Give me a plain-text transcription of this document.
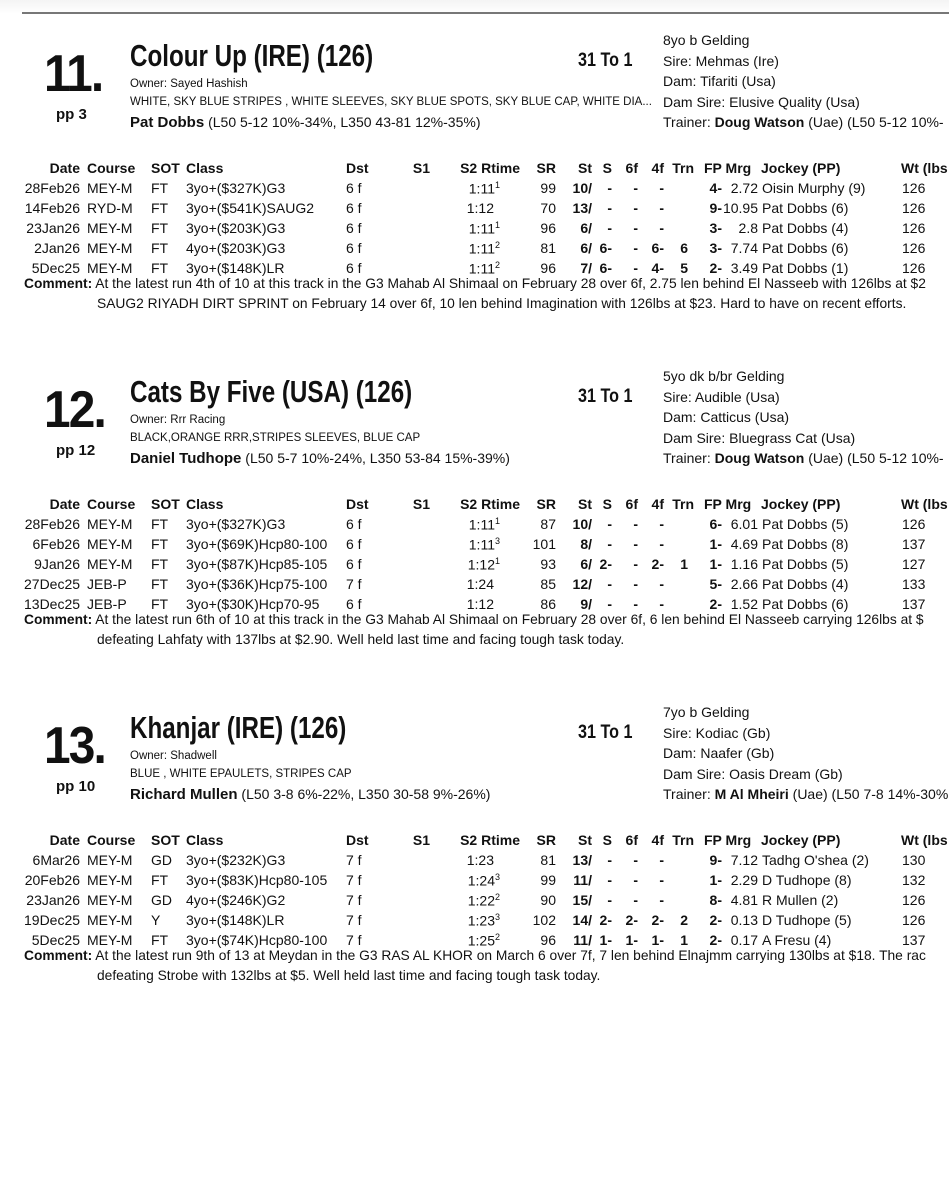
11.
pp 3
Colour Up (IRE) (126)
Owner: Sayed Hashish
WHITE, SKY BLUE STRIPES , WHITE SLEEVES, SKY BLUE SPOTS, SKY BLUE CAP, WHITE DIA...
Pat Dobbs (L50 5-12 10%-34%, L350 43-81 12%-35%)
31 To 1
8yo b Gelding
Sire: Mehmas (Ire)
Dam: Tifariti (Usa)
Dam Sire: Elusive Quality (Usa)
Trainer: Doug Watson (Uae) (L50 5-12 10%-
Date Course SOT Class	Dst	S1	S2 Rtime	SR	St S 6f 4f Trn FP Mrg Jockey (PP)	Wt (lbs
28Feb26 MEY-M FT 3yo+($327K)G3	6 f	$1:11^1$	99	10/	-	-	-	4- 2.72 Oisin Murphy (9)	126
14Feb26 RYD-M FT 3yo+($541K)SAUG2 6 f	1:12	70	13/	-	-	-	9- 10.95 Pat Dobbs (6)	126
23Jan26 MEY-M FT 3yo+($203K)G3	6 f	$1:11^1$	96	6/	-	-	-	3-	2.8 Pat Dobbs (4)	126
2Jan26 MEY-M FT 4yo+($203K)G3	6 f	$1:11^2$	81	6/ 6-	- 6-	6	3- 7.74 Pat Dobbs (6)	126
5Dec25 MEY-M FT 3yo+($148K)LR	6 f	$1:11^2$	96	7/ 6-	- 4-	5	2- 3.49 Pat Dobbs (1)	126
Comment: At the latest run 4th of 10 at this track in the G3 Mahab Al Shimaal on February 28 over 6f, 2.75 len behind El Nasseeb with 126lbs at $2
SAUG2 RIYADH DIRT SPRINT on February 14 over 6f, 10 len behind Imagination with 126lbs at $23. Hard to have on recent efforts.
12.
pp 12
Cats By Five (USA) (126)
Owner: Rrr Racing
BLACK,ORANGE RRR,STRIPES SLEEVES, BLUE CAP
Daniel Tudhope (L50 5-7 10%-24%, L350 53-84 15%-39%)
31 To 1
5yo dk b/br Gelding
Sire: Audible (Usa)
Dam: Catticus (Usa)
Dam Sire: Bluegrass Cat (Usa)
Trainer: Doug Watson (Uae) (L50 5-12 10%-
Date Course SOT Class	Dst	S1	S2 Rtime	SR	St S 6f 4f Trn FP Mrg Jockey (PP)	Wt (lbs
28Feb26 MEY-M FT 3yo+($327K)G3	6 f	$1:11^1$	87	10/	-	-	-	6- 6.01 Pat Dobbs (5)	126
6Feb26 MEY-M FT 3yo+($69K)Hcp80-100 6 f	$1:11^3$ 101	8/	-	-	-	1- 4.69 Pat Dobbs (8)	137
9Jan26 MEY-M FT 3yo+($87K)Hcp85-105 6 f	$1:12^1$	93	6/ 2-	- 2-	1	1- 1.16 Pat Dobbs (5)	127
27Dec25 JEB-P FT 3yo+($36K)Hcp75-100 7 f	1:24	85	12/	-	-	-	5- 2.66 Pat Dobbs (4)	133
13Dec25 JEB-P FT 3yo+($30K)Hcp70-95 6 f	1:12	86	9/	-	-	-	2- 1.52 Pat Dobbs (6)	137
Comment: At the latest run 6th of 10 at this track in the G3 Mahab Al Shimaal on February 28 over 6f, 6 len behind El Nasseeb carrying 126lbs at $
defeating Lahfaty with 137lbs at $2.90. Well held last time and facing tough task today.
13.
pp 10
Khanjar (IRE) (126)
Owner: Shadwell
BLUE , WHITE EPAULETS, STRIPES CAP
Richard Mullen (L50 3-8 6%-22%, L350 30-58 9%-26%)
31 To 1
7yo b Gelding
Sire: Kodiac (Gb)
Dam: Naafer (Gb)
Dam Sire: Oasis Dream (Gb)
Trainer: M Al Mheiri (Uae) (L50 7-8 14%-30%
Date Course SOT Class	Dst	S1	S2 Rtime	SR	St S 6f 4f Trn FP Mrg Jockey (PP)	Wt (lbs
6Mar26 MEY-M GD 3yo+($232K)G3	7 f	1:23	81	13/	-	-	-	9- 7.12 Tadhg O'shea (2) 130
20Feb26 MEY-M FT 3yo+($83K)Hcp80-105 7 f	$1:24^3$	99	11/	-	-	-	1- 2.29 D Tudhope (8)	132
23Jan26 MEY-M GD 4yo+($246K)G2	7 f	$1:22^2$	90	15/	-	-	-	8- 4.81 R Mullen (2)	126
19Dec25 MEY-M Y 3yo+($148K)LR	7 f	$1:23^3$ 102	14/ 2- 2- 2-	2	2- 0.13 D Tudhope (5)	126
5Dec25 MEY-M FT 3yo+($74K)Hcp80-100 7 f	$1:25^2$	96	11/ 1- 1- 1-	1	2- 0.17 A Fresu (4)	137
Comment: At the latest run 9th of 13 at Meydan in the G3 RAS AL KHOR on March 6 over 7f, 7 len behind Elnajmm carrying 130lbs at $18. The rac
defeating Strobe with 132lbs at $5. Well held last time and facing tough task today.
